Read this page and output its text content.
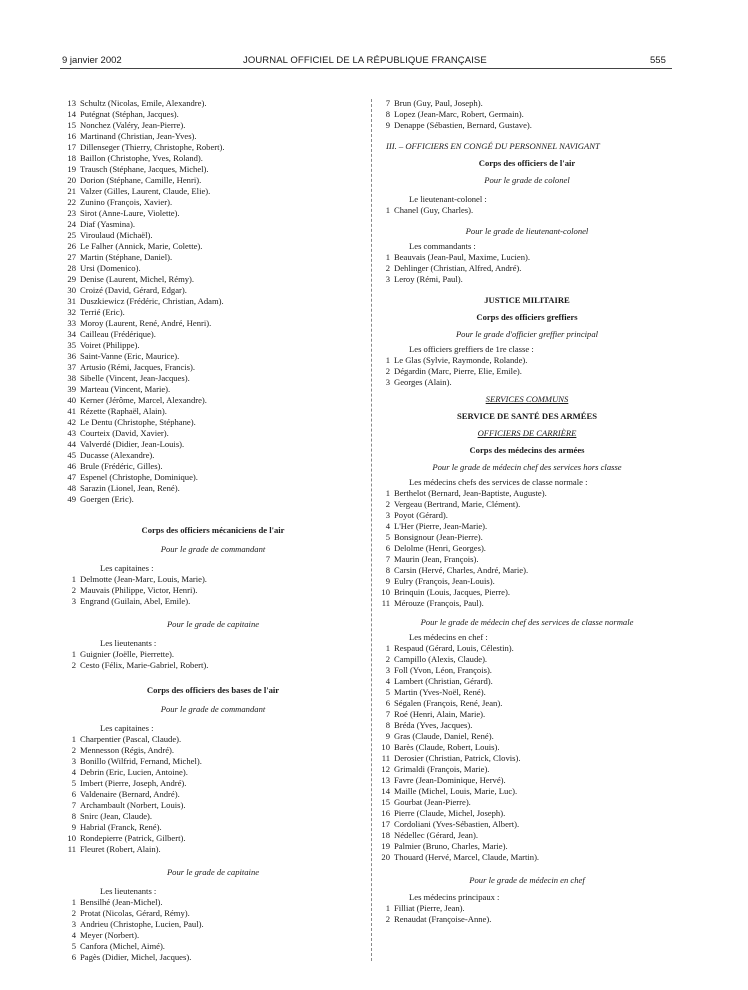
9 janvier 2002	JOURNAL OFFICIEL DE LA RÉPUBLIQUE FRANÇAISE	555
13 Schultz (Nicolas, Emile, Alexandre).
14 Putégnat (Stéphan, Jacques).
15 Nonchez (Valéry, Jean-Pierre).
16 Martinand (Christian, Jean-Yves).
17 Dillenseger (Thierry, Christophe, Robert).
18 Baillon (Christophe, Yves, Roland).
19 Trausch (Stéphane, Jacques, Michel).
20 Dorion (Stéphane, Camille, Henri).
21 Valzer (Gilles, Laurent, Claude, Elie).
22 Zunino (François, Xavier).
23 Sirot (Anne-Laure, Violette).
24 Diaf (Yasmina).
25 Viroulaud (Michaël).
26 Le Falher (Annick, Marie, Colette).
27 Martin (Stéphane, Daniel).
28 Ursi (Domenico).
29 Denise (Laurent, Michel, Rémy).
30 Croizé (David, Gérard, Edgar).
31 Duszkiewicz (Frédéric, Christian, Adam).
32 Terrié (Eric).
33 Moroy (Laurent, René, André, Henri).
34 Cailleau (Frédérique).
35 Voiret (Philippe).
36 Saint-Vanne (Eric, Maurice).
37 Artusio (Rémi, Jacques, Francis).
38 Sibelle (Vincent, Jean-Jacques).
39 Marteau (Vincent, Marie).
40 Kerner (Jérôme, Marcel, Alexandre).
41 Rézette (Raphaël, Alain).
42 Le Dentu (Christophe, Stéphane).
43 Courteix (David, Xavier).
44 Valverdé (Didier, Jean-Louis).
45 Ducasse (Alexandre).
46 Brule (Frédéric, Gilles).
47 Espenel (Christophe, Dominique).
48 Sarazin (Lionel, Jean, René).
49 Goergen (Eric).
Corps des officiers mécaniciens de l'air
Pour le grade de commandant
Les capitaines :
1 Delmotte (Jean-Marc, Louis, Marie).
2 Mauvais (Philippe, Victor, Henri).
3 Engrand (Guilain, Abel, Emile).
Pour le grade de capitaine
Les lieutenants :
1 Guignier (Joëlle, Pierrette).
2 Cesto (Félix, Marie-Gabriel, Robert).
Corps des officiers des bases de l'air
Pour le grade de commandant
Les capitaines :
1 Charpentier (Pascal, Claude).
2 Mennesson (Régis, André).
3 Bonillo (Wilfrid, Fernand, Michel).
4 Debrin (Eric, Lucien, Antoine).
5 Imbert (Pierre, Joseph, André).
6 Valdenaire (Bernard, André).
7 Archambault (Norbert, Louis).
8 Snirc (Jean, Claude).
9 Habrial (Franck, René).
10 Rondepierre (Patrick, Gilbert).
11 Fleuret (Robert, Alain).
Pour le grade de capitaine
Les lieutenants :
1 Bensilhé (Jean-Michel).
2 Protat (Nicolas, Gérard, Rémy).
3 Andrieu (Christophe, Lucien, Paul).
4 Meyer (Norbert).
5 Canfora (Michel, Aimé).
6 Pagès (Didier, Michel, Jacques).
7 Brun (Guy, Paul, Joseph).
8 Lopez (Jean-Marc, Robert, Germain).
9 Denappe (Sébastien, Bernard, Gustave).
III. – OFFICIERS EN CONGÉ DU PERSONNEL NAVIGANT
Corps des officiers de l'air
Pour le grade de colonel
Le lieutenant-colonel :
1 Chanel (Guy, Charles).
Pour le grade de lieutenant-colonel
Les commandants :
1 Beauvais (Jean-Paul, Maxime, Lucien).
2 Dehlinger (Christian, Alfred, André).
3 Leroy (Rémi, Paul).
JUSTICE MILITAIRE
Corps des officiers greffiers
Pour le grade d'officier greffier principal
Les officiers greffiers de 1re classe :
1 Le Glas (Sylvie, Raymonde, Rolande).
2 Dégardin (Marc, Pierre, Elie, Emile).
3 Georges (Alain).
SERVICES COMMUNS
SERVICE DE SANTÉ DES ARMÉES
OFFICIERS DE CARRIÈRE
Corps des médecins des armées
Pour le grade de médecin chef des services hors classe
Les médecins chefs des services de classe normale :
1 Berthelot (Bernard, Jean-Baptiste, Auguste).
2 Vergeau (Bertrand, Marie, Clément).
3 Poyot (Gérard).
4 L'Her (Pierre, Jean-Marie).
5 Bonsignour (Jean-Pierre).
6 Delolme (Henri, Georges).
7 Maurin (Jean, François).
8 Carsin (Hervé, Charles, André, Marie).
9 Eulry (François, Jean-Louis).
10 Brinquin (Louis, Jacques, Pierre).
11 Mérouze (François, Paul).
Pour le grade de médecin chef des services de classe normale
Les médecins en chef :
1 Respaud (Gérard, Louis, Célestin).
2 Campillo (Alexis, Claude).
3 Foll (Yvon, Léon, François).
4 Lambert (Christian, Gérard).
5 Martin (Yves-Noël, René).
6 Ségalen (François, René, Jean).
7 Roé (Henri, Alain, Marie).
8 Bréda (Yves, Jacques).
9 Gras (Claude, Daniel, René).
10 Barès (Claude, Robert, Louis).
11 Derosier (Christian, Patrick, Clovis).
12 Grimaldi (François, Marie).
13 Favre (Jean-Dominique, Hervé).
14 Maille (Michel, Louis, Marie, Luc).
15 Gourbat (Jean-Pierre).
16 Pierre (Claude, Michel, Joseph).
17 Cordoliani (Yves-Sébastien, Albert).
18 Nédellec (Gérard, Jean).
19 Palmier (Bruno, Charles, Marie).
20 Thouard (Hervé, Marcel, Claude, Martin).
Pour le grade de médecin en chef
Les médecins principaux :
1 Filliat (Pierre, Jean).
2 Renaudat (Françoise-Anne).
